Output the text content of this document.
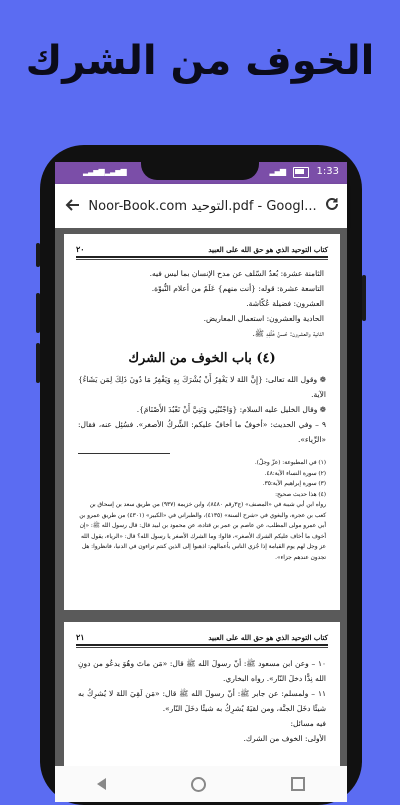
الخوف من الشرك
▂▃▅▆ ▂▃▅▆	▂▄▆	1:33
Noor-Book.com التوحيد.pdf - Googl...
كتاب التوحيد الذي هو حق الله على العبيد
٢٠
الثامنة عشرة: بُعدُ السّلف عن مدح الإنسان بما ليس فيه.
التاسعة عشرة: قوله: {أنت منهم} عَلَمٌ من أعلام النُّبوّة.
العشرون: فضيلة عُكّاشة.
الحادية والعشرون: استعمال المعاريض.
الثانية والعشرون: حُسنُ خُلُقِهِ ﷺ.
(٤) باب الخوف من الشرك
❁ وقول الله تعالى: {إِنَّ اللهَ لا يَغْفِرُ أَنْ يُشْرَكَ بِهِ وَيَغْفِرُ مَا دُونَ ذَلِكَ لِمَن يَشَاءُ} الآية.
❁ وقال الخليل عليه السلام: {وَاجْنُبْنِي وَبَنِيَّ أَنْ نَعْبُدَ الأَصْنَامَ}.
٩ – وفي الحديث: «أخوفُ ما أخافُ عليكم: الشِّركُ الأصغر». فسُئِل عنه، فقال: «الرِّياء».
(١) في المطبوعة: (عزّ وجلّ).
(٢) سورة النساء الآية:٤٨.
(٣) سورة إبراهيم الآية:٣٥.
(٤) هذا حديث صحيح:
رواه ابن أبي شيبة في «المصنف» (ج٣رقم ٨٤٨٠)، وابن خزيمة (٩٣٧) من طريق سعد بن إسحاق بن كعب بن عجرة، والبغوي في «شرح السنة» (٤١٣٥)، والطبراني في «الكبير» (٤٣٠١) من طريق عمرو بن أبي عمرو مولى المطلب، عن عاصم بن عمر بن قتادة، عن محمود بن لبيد قال: قال رسول الله ﷺ: «إن أخوف ما أخاف عليكم الشرك الأصغر»، قالوا: وما الشرك الأصغر يا رسول الله؟ قال: «الرياء، يقول الله عز وجل لهم يوم القيامة إذا جُزي الناس بأعمالهم: اذهبوا إلى الذين كنتم تراءون في الدنيا، فانظروا: هل تجدون عندهم جزاء».
كتاب التوحيد الذي هو حق الله على العبيد
٢١
١٠ – وعن ابن مسعود ﷺ: أنّ رسولَ الله ﷺ قال: «مَن ماتَ وهُوَ يدعُو من دونِ الله نِدًّا دخلَ النّار». رواه البخاري.
١١ – ولمسلم: عن جابر ﷺ: أنّ رسولَ الله ﷺ قال: «مَن لَقِيَ اللهَ لا يُشرِكُ به شيئًا دخَلَ الجنَّة، ومن لقيَهُ يُشرِكُ به شيئًا دخَلَ النّار».
فيه مسائل:
الأولى: الخوف من الشرك.
